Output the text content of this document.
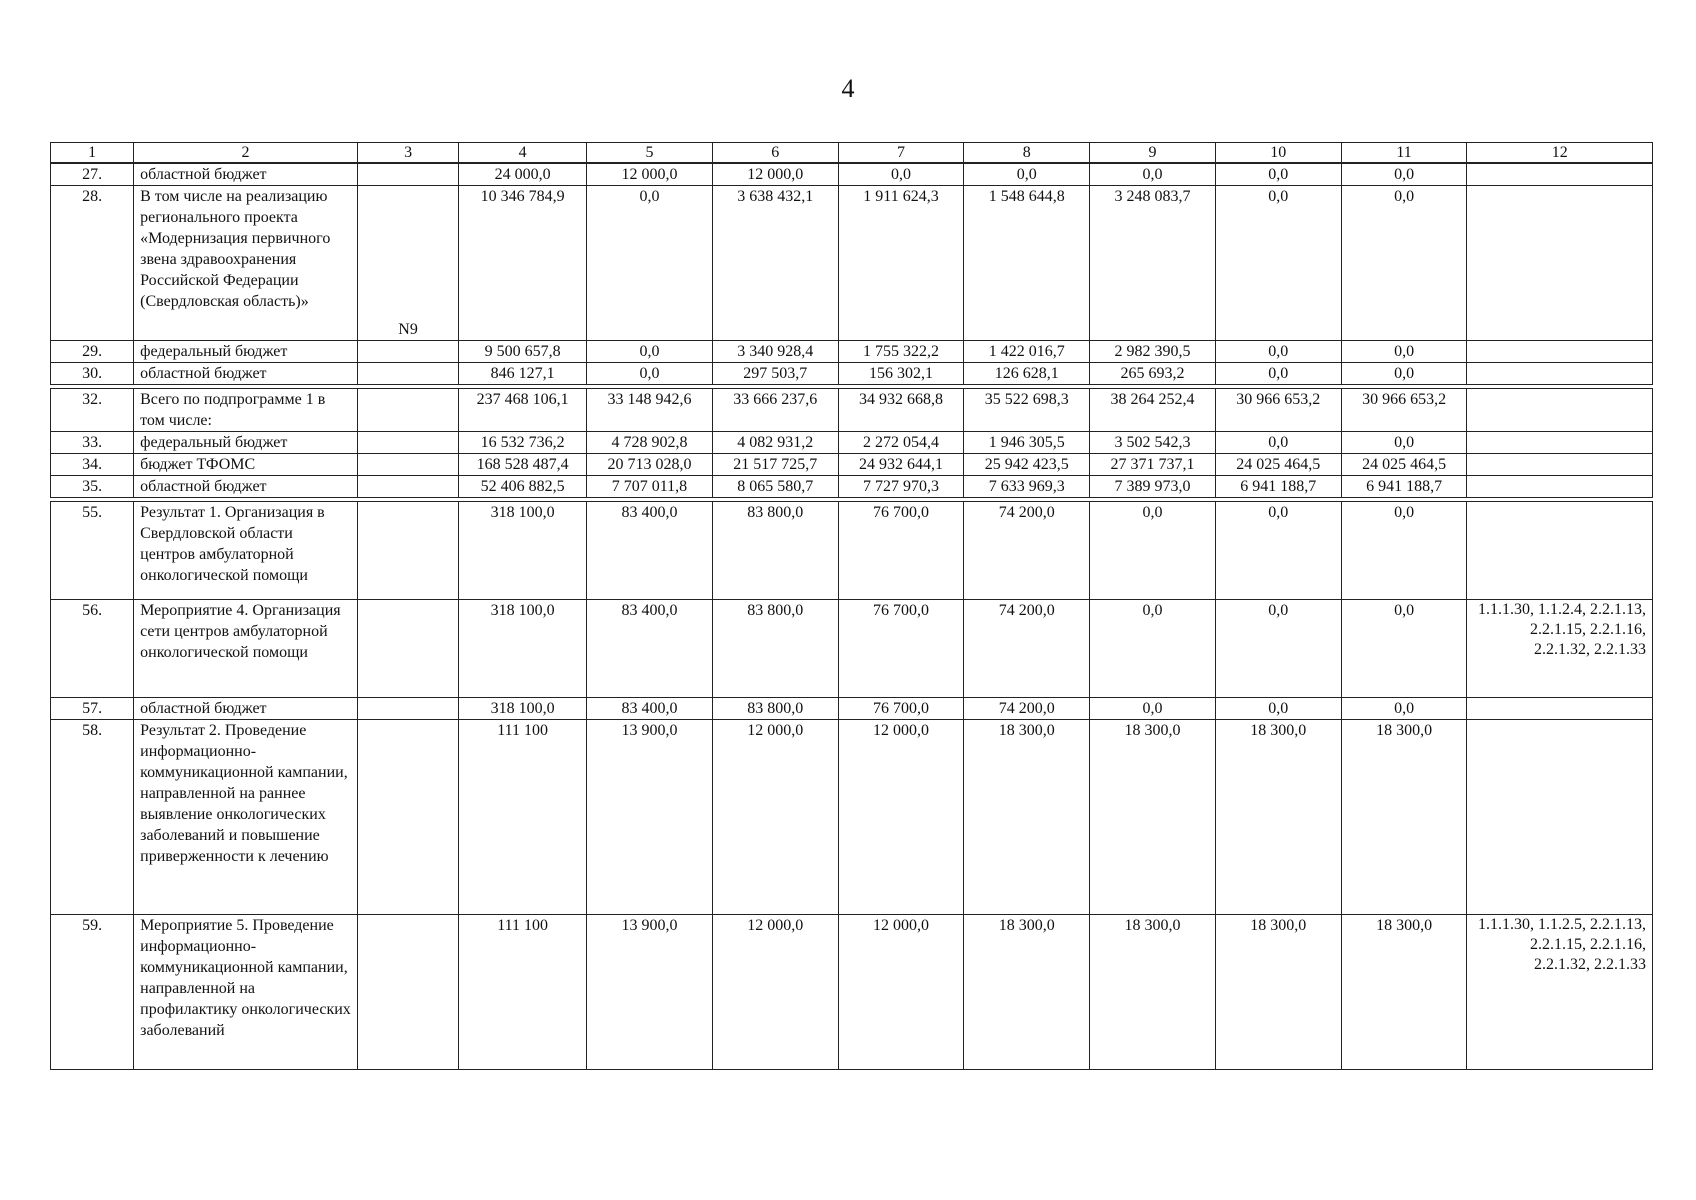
4
1	2	3	4	5	6	7	8	9	10	11	12
27.	областной бюджет		24 000,0	12 000,0	12 000,0	0,0	0,0	0,0	0,0	0,0	
28.	В том числе на реализацию регионального проекта «Модернизация первичного звена здравоохранения Российской Федерации (Свердловская область)»	N9	10 346 784,9	0,0	3 638 432,1	1 911 624,3	1 548 644,8	3 248 083,7	0,0	0,0	
29.	федеральный бюджет		9 500 657,8	0,0	3 340 928,4	1 755 322,2	1 422 016,7	2 982 390,5	0,0	0,0	
30.	областной бюджет		846 127,1	0,0	297 503,7	156 302,1	126 628,1	265 693,2	0,0	0,0	
32.	Всего по подпрограмме 1 в том числе:		237 468 106,1	33 148 942,6	33 666 237,6	34 932 668,8	35 522 698,3	38 264 252,4	30 966 653,2	30 966 653,2	
33.	федеральный бюджет		16 532 736,2	4 728 902,8	4 082 931,2	2 272 054,4	1 946 305,5	3 502 542,3	0,0	0,0	
34.	бюджет ТФОМС		168 528 487,4	20 713 028,0	21 517 725,7	24 932 644,1	25 942 423,5	27 371 737,1	24 025 464,5	24 025 464,5	
35.	областной бюджет		52 406 882,5	7 707 011,8	8 065 580,7	7 727 970,3	7 633 969,3	7 389 973,0	6 941 188,7	6 941 188,7	
55.	Результат 1. Организация в Свердловской области центров амбулаторной онкологической помощи		318 100,0	83 400,0	83 800,0	76 700,0	74 200,0	0,0	0,0	0,0	
56.	Мероприятие 4. Организация сети центров амбулаторной онкологической помощи		318 100,0	83 400,0	83 800,0	76 700,0	74 200,0	0,0	0,0	0,0	1.1.1.30, 1.1.2.4, 2.2.1.13, 2.2.1.15, 2.2.1.16, 2.2.1.32, 2.2.1.33
57.	областной бюджет		318 100,0	83 400,0	83 800,0	76 700,0	74 200,0	0,0	0,0	0,0	
58.	Результат 2. Проведение информационно-коммуникационной кампании, направленной на раннее выявление онкологических заболеваний и повышение приверженности к лечению		111 100	13 900,0	12 000,0	12 000,0	18 300,0	18 300,0	18 300,0	18 300,0	
59.	Мероприятие 5. Проведение информационно-коммуникационной кампании, направленной на профилактику онкологических заболеваний		111 100	13 900,0	12 000,0	12 000,0	18 300,0	18 300,0	18 300,0	18 300,0	1.1.1.30, 1.1.2.5, 2.2.1.13, 2.2.1.15, 2.2.1.16, 2.2.1.32, 2.2.1.33
